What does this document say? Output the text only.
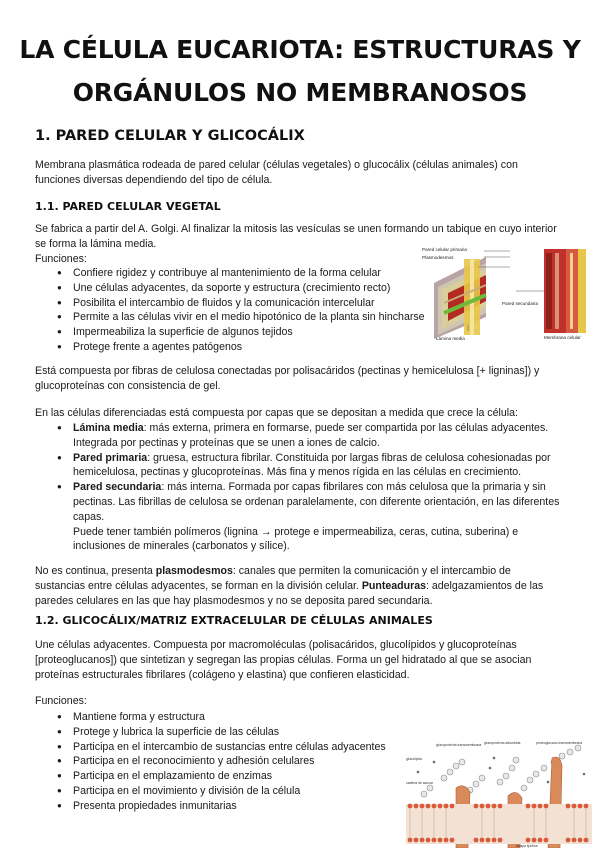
LA CÉLULA EUCARIOTA: ESTRUCTURAS Y
ORGÁNULOS NO MEMBRANOSOS
1. PARED CELULAR Y GLICOCÁLIX
Membrana plasmática rodeada de pared celular (células vegetales) o glucocálix (células animales) con funciones diversas dependiendo del tipo de célula.
1.1. PARED CELULAR VEGETAL
Se fabrica a partir del A. Golgi. Al finalizar la mitosis las vesículas se unen formando un tabique en cuyo interior se forma la lámina media.
Funciones:
● Confiere rigidez y contribuye al mantenimiento de la forma celular
● Une células adyacentes, da soporte y estructura (crecimiento recto)
● Posibilita el intercambio de fluidos y la comunicación intercelular
● Permite a las células vivir en el medio hipotónico de la planta sin hincharse
● Impermeabiliza la superficie de algunos tejidos
● Protege frente a agentes patógenos
Pared celular primaria
Plasmodesmos
Lámina media
Pared secundaria
Membrana celular
Está compuesta por fibras de celulosa conectadas por polisacáridos (pectinas y hemicelulosa [+ ligninas]) y glucoproteínas con consistencia de gel.
En las células diferenciadas está compuesta por capas que se depositan a medida que crece la célula:
● Lámina media: más externa, primera en formarse, puede ser compartida por las células adyacentes. Integrada por pectinas y proteínas que se unen a iones de calcio.
● Pared primaria: gruesa, estructura fibrilar. Constituida por largas fibras de celulosa cohesionadas por hemicelulosa, pectinas y glucoproteínas. Más fina y menos rígida en las células en crecimiento.
● Pared secundaria: más interna. Formada por capas fibrilares con más celulosa que la primaria y sin pectinas. Las fibrillas de celulosa se ordenan paralelamente, con diferente orientación, en las diferentes capas.
Puede tener también polímeros (lignina → protege e impermeabiliza, ceras, cutina, suberina) e inclusiones de minerales (carbonatos y sílice).
No es continua, presenta plasmodesmos: canales que permiten la comunicación y el intercambio de sustancias entre células adyacentes, se forman en la división celular. Punteaduras: adelgazamientos de las paredes celulares en las que hay plasmodesmos y no se deposita pared secundaria.
1.2. GLICOCÁLIX/MATRIZ EXTRACELULAR DE CÉLULAS ANIMALES
Une células adyacentes. Compuesta por macromoléculas (polisacáridos, glucolípidos y glucoproteínas [proteoglucanos]) que sintetizan y segregan las propias células. Forma un gel hidratado al que se asocian proteínas estructurales fibrilares (colágeno y elastina) que confieren elasticidad.
Funciones:
● Mantiene forma y estructura
● Protege y lubrica la superficie de las células
● Participa en el intercambio de sustancias entre células adyacentes
● Participa en el reconocimiento y adhesión celulares
● Participa en el emplazamiento de enzimas
● Participa en el movimiento y división de la célula
● Presenta propiedades inmunitarias
glucoproteína transmembrana glucoproteína adsorbida
glucolípido
proteoglucano transmembrana
cadena de azúcar
bicapa lipídica
